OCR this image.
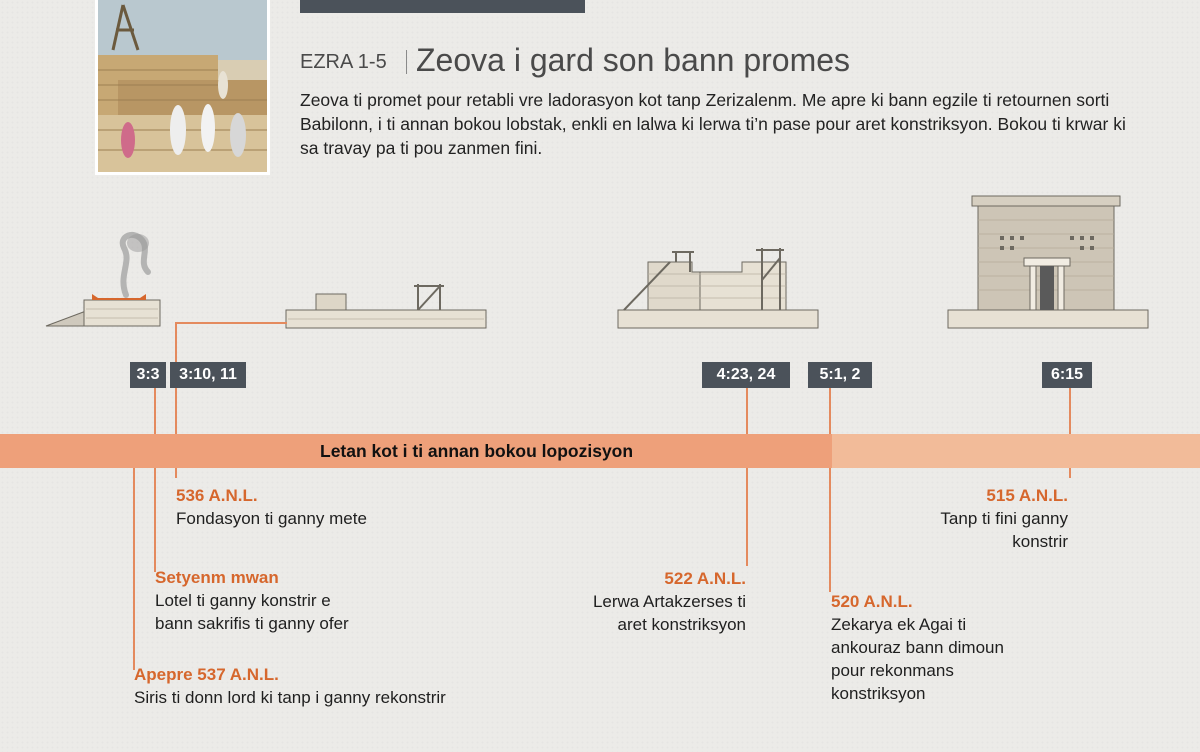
EZRA 1-5 Zeova i gard son bann promes
Zeova ti promet pour retabli vre ladorasyon kot tanp Zerizalenm. Me apre ki bann egzile ti retournen sorti Babilonn, i ti annan bokou lobstak, enkli en lalwa ki lerwa ti’n pase pour aret konstriksyon. Bokou ti krwar ki sa travay pa ti pou zanmen fini.
Letan kot i ti annan bokou lopozisyon
3:3	3:10, 11	4:23, 24	5:1, 2	6:15
Apepre 537 A.N.L.
Siris ti donn lord ki tanp i ganny rekonstrir
Setyenm mwan
Lotel ti ganny konstrir e
bann sakrifis ti ganny ofer
536 A.N.L.
Fondasyon ti ganny mete
522 A.N.L.
Lerwa Artakzerses ti
aret konstriksyon
520 A.N.L.
Zekarya ek Agai ti
ankouraz bann dimoun
pour rekonmans
konstriksyon
515 A.N.L.
Tanp ti fini ganny
konstrir
